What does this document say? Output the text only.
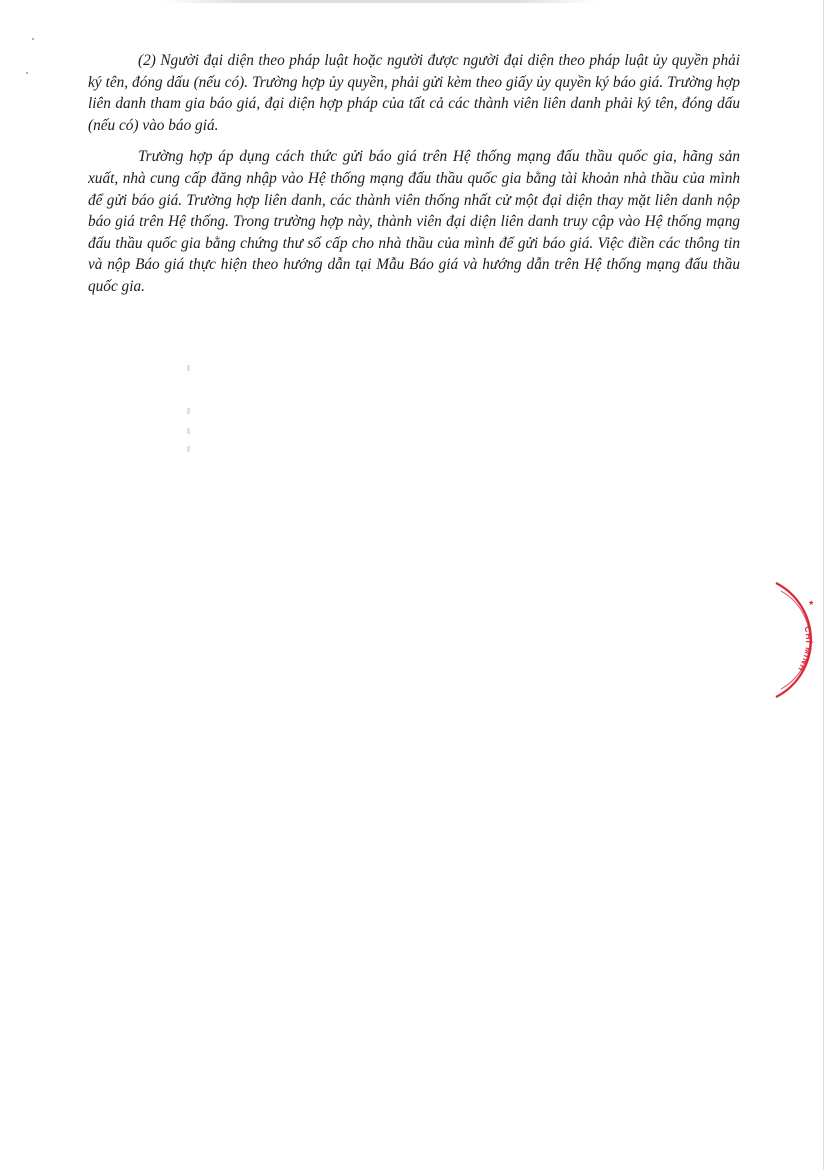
(2) Người đại diện theo pháp luật hoặc người được người đại diện theo pháp luật ủy quyền phải ký tên, đóng dấu (nếu có). Trường hợp ủy quyền, phải gửi kèm theo giấy ủy quyền ký báo giá. Trường hợp liên danh tham gia báo giá, đại diện hợp pháp của tất cả các thành viên liên danh phải ký tên, đóng dấu (nếu có) vào báo giá.

Trường hợp áp dụng cách thức gửi báo giá trên Hệ thống mạng đấu thầu quốc gia, hãng sản xuất, nhà cung cấp đăng nhập vào Hệ thống mạng đấu thầu quốc gia bằng tài khoản nhà thầu của mình để gửi báo giá. Trường hợp liên danh, các thành viên thống nhất cử một đại diện thay mặt liên danh nộp báo giá trên Hệ thống. Trong trường hợp này, thành viên đại diện liên danh truy cập vào Hệ thống mạng đấu thầu quốc gia bằng chứng thư số cấp cho nhà thầu của mình để gửi báo giá. Việc điền các thông tin và nộp Báo giá thực hiện theo hướng dẫn tại Mẫu Báo giá và hướng dẫn trên Hệ thống mạng đấu thầu quốc gia.

CHÍ MINH
★
